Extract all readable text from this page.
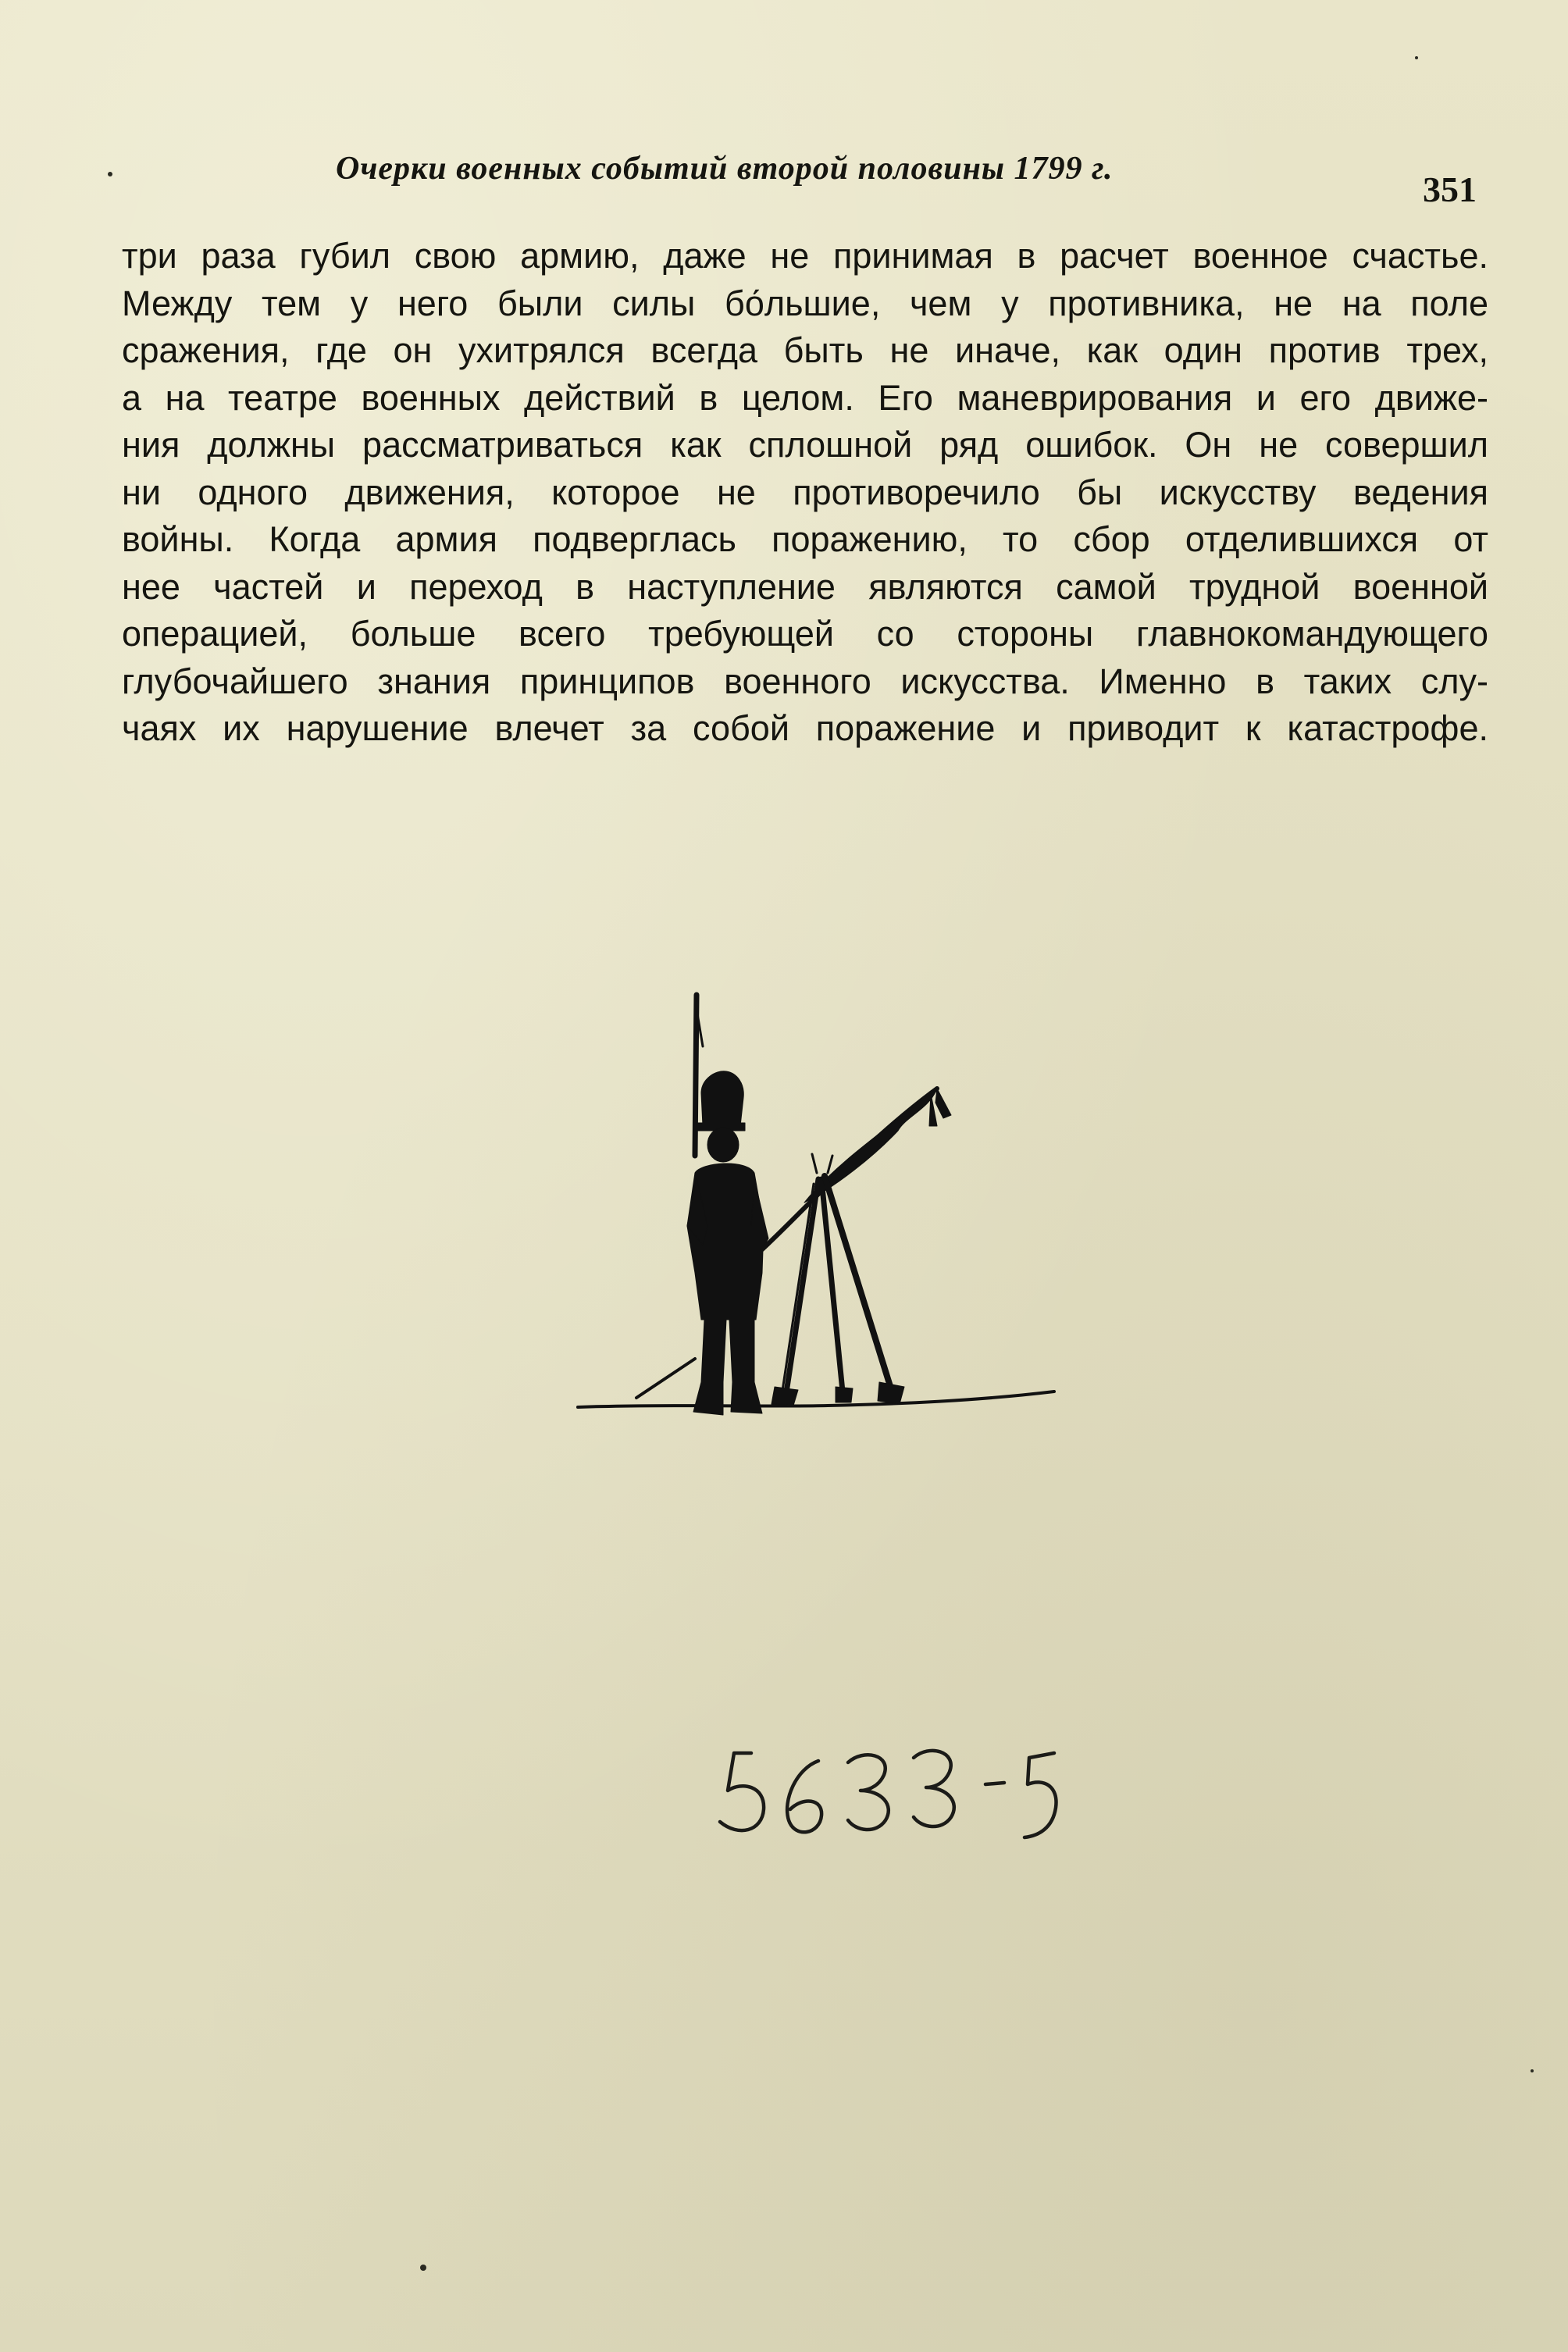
Очерки военных событий второй половины 1799 г.
351
три раза губил свою армию, даже не принимая в расчет военное счастье.
Между тем у него были силы бо́льшие, чем у противника, не на поле
сражения, где он ухитрялся всегда быть не иначе, как один против трех,
а на театре военных действий в целом. Его маневрирования и его движе-
ния должны рассматриваться как сплошной ряд ошибок. Он не совершил
ни одного движения, которое не противоречило бы искусству ведения
войны. Когда армия подверглась поражению, то сбор отделившихся от
нее частей и переход в наступление являются самой трудной военной
операцией, больше всего требующей со стороны главнокомандующего
глубочайшего знания принципов военного искусства. Именно в таких слу-
чаях их нарушение влечет за собой поражение и приводит к катастрофе.
